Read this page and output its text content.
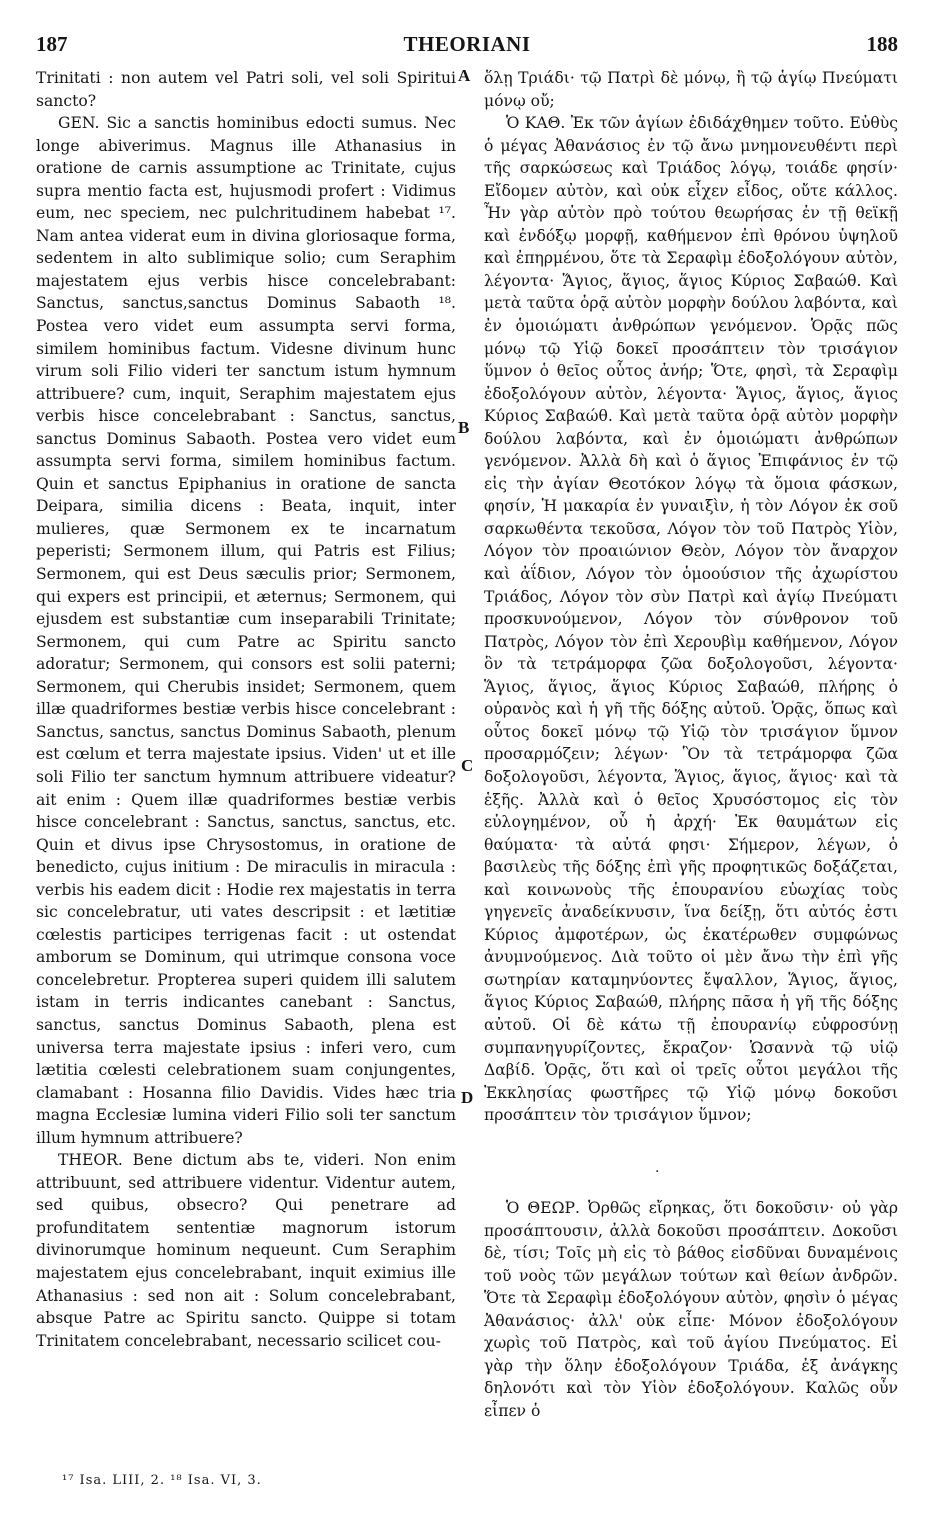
187	THEORIANI	188

Trinitati : non autem vel Patri soli, vel soli Spiritui sancto?

GEN. Sic a sanctis hominibus edocti sumus. Nec longe abiverimus. Magnus ille Athanasius in oratione de carnis assumptione ac Trinitate, cujus supra mentio facta est, hujusmodi profert : Vidimus eum, nec speciem, nec pulchritudinem habebat ¹⁷. Nam antea viderat eum in divina gloriosaque forma, sedentem in alto sublimique solio; cum Seraphim majestatem ejus verbis hisce concelebrabant: Sanctus, sanctus,sanctus Dominus Sabaoth ¹⁸. Postea vero videt eum assumpta servi forma, similem hominibus factum. Videsne divinum hunc virum soli Filio videri ter sanctum istum hymnum attribuere? cum, inquit, Seraphim majestatem ejus verbis hisce concelebrabant : Sanctus, sanctus, sanctus Dominus Sabaoth. Postea vero videt eum assumpta servi forma, similem hominibus factum. Quin et sanctus Epiphanius in oratione de sancta Deipara, similia dicens : Beata, inquit, inter mulieres, quæ Sermonem ex te incarnatum peperisti; Sermonem illum, qui Patris est Filius; Sermonem, qui est Deus sæculis prior; Sermonem, qui expers est principii, et æternus; Sermonem, qui ejusdem est substantiæ cum inseparabili Trinitate; Sermonem, qui cum Patre ac Spiritu sancto adoratur; Sermonem, qui consors est solii paterni; Sermonem, qui Cherubis insidet; Sermonem, quem illæ quadriformes bestiæ verbis hisce concelebrant : Sanctus, sanctus, sanctus Dominus Sabaoth, plenum est cœlum et terra majestate ipsius. Viden' ut et ille soli Filio ter sanctum hymnum attribuere videatur? ait enim : Quem illæ quadriformes bestiæ verbis hisce concelebrant : Sanctus, sanctus, sanctus, etc. Quin et divus ipse Chrysostomus, in oratione de benedicto, cujus initium : De miraculis in miracula : verbis his eadem dicit : Hodie rex majestatis in terra sic concelebratur, uti vates descripsit : et lætitiæ cœlestis participes terrigenas facit : ut ostendat amborum se Dominum, qui utrimque consona voce concelebretur. Propterea superi quidem illi salutem istam in terris indicantes canebant : Sanctus, sanctus, sanctus Dominus Sabaoth, plena est universa terra majestate ipsius : inferi vero, cum lætitia cœlesti celebrationem suam conjungentes, clamabant : Hosanna filio Davidis. Vides hæc tria magna Ecclesiæ lumina videri Filio soli ter sanctum illum hymnum attribuere?

THEOR. Bene dictum abs te, videri. Non enim attribuunt, sed attribuere videntur. Videntur autem, sed quibus, obsecro? Qui penetrare ad profunditatem sententiæ magnorum istorum divinorumque hominum nequeunt. Cum Seraphim majestatem ejus concelebrabant, inquit eximius ille Athanasius : sed non ait : Solum concelebrabant, absque Patre ac Spiritu sancto. Quippe si totam Trinitatem concelebrabant, necessario scilicet cou-

A
B
C
D

ὅλῃ Τριάδι· τῷ Πατρὶ δὲ μόνῳ, ἢ τῷ ἁγίῳ Πνεύματι μόνῳ οὔ;

Ὁ ΚΑΘ. Ἐκ τῶν ἁγίων ἐδιδάχθημεν τοῦτο. Εὐθὺς ὁ μέγας Ἀθανάσιος ἐν τῷ ἄνω μνημονευθέντι περὶ τῆς σαρκώσεως καὶ Τριάδος λόγῳ, τοιάδε φησίν· Εἴδομεν αὐτὸν, καὶ οὐκ εἶχεν εἶδος, οὔτε κάλλος. Ἦν γὰρ αὐτὸν πρὸ τούτου θεωρήσας ἐν τῇ θεϊκῇ καὶ ἐνδόξῳ μορφῇ, καθήμενον ἐπὶ θρόνου ὑψηλοῦ καὶ ἐπηρμένου, ὅτε τὰ Σεραφὶμ ἐδοξολόγουν αὐτὸν, λέγοντα· Ἅγιος, ἅγιος, ἅγιος Κύριος Σαβαώθ. Καὶ μετὰ ταῦτα ὁρᾷ αὐτὸν μορφὴν δούλου λαβόντα, καὶ ἐν ὁμοιώματι ἀνθρώπων γενόμενον. Ὁρᾷς πῶς μόνῳ τῷ Υἱῷ δοκεῖ προσάπτειν τὸν τρισάγιον ὕμνον ὁ θεῖος οὗτος ἀνήρ; Ὅτε, φησὶ, τὰ Σεραφὶμ ἐδοξολόγουν αὐτὸν, λέγοντα· Ἅγιος, ἅγιος, ἅγιος Κύριος Σαβαώθ. Καὶ μετὰ ταῦτα ὁρᾷ αὐτὸν μορφὴν δούλου λαβόντα, καὶ ἐν ὁμοιώματι ἀνθρώπων γενόμενον. Ἀλλὰ δὴ καὶ ὁ ἅγιος Ἐπιφάνιος ἐν τῷ εἰς τὴν ἁγίαν Θεοτόκον λόγῳ τὰ ὅμοια φάσκων, φησίν, Ἡ μακαρία ἐν γυναιξὶν, ἡ τὸν Λόγον ἐκ σοῦ σαρκωθέντα τεκοῦσα, Λόγον τὸν τοῦ Πατρὸς Υἱὸν, Λόγον τὸν προαιώνιον Θεὸν, Λόγον τὸν ἄναρχον καὶ ἀΐδιον, Λόγον τὸν ὁμοούσιον τῆς ἀχωρίστου Τριάδος, Λόγον τὸν σὺν Πατρὶ καὶ ἁγίῳ Πνεύματι προσκυνούμενον, Λόγον τὸν σύνθρονον τοῦ Πατρὸς, Λόγον τὸν ἐπὶ Χερουβὶμ καθήμενον, Λόγον ὃν τὰ τετράμορφα ζῶα δοξολογοῦσι, λέγοντα· Ἅγιος, ἅγιος, ἅγιος Κύριος Σαβαώθ, πλήρης ὁ οὐρανὸς καὶ ἡ γῆ τῆς δόξης αὐτοῦ. Ὁρᾷς, ὅπως καὶ οὗτος δοκεῖ μόνῳ τῷ Υἱῷ τὸν τρισάγιον ὕμνον προσαρμόζειν; λέγων· Ὃν τὰ τετράμορφα ζῶα δοξολογοῦσι, λέγοντα, Ἅγιος, ἅγιος, ἅγιος· καὶ τὰ ἑξῆς. Ἀλλὰ καὶ ὁ θεῖος Χρυσόστομος εἰς τὸν εὐλογημένον, οὗ ἡ ἀρχή· Ἐκ θαυμάτων εἰς θαύματα· τὰ αὐτά φησι· Σήμερον, λέγων, ὁ βασιλεὺς τῆς δόξης ἐπὶ γῆς προφητικῶς δοξάζεται, καὶ κοινωνοὺς τῆς ἐπουρανίου εὐωχίας τοὺς γηγενεῖς ἀναδείκνυσιν, ἵνα δείξῃ, ὅτι αὐτός ἐστι Κύριος ἀμφοτέρων, ὡς ἑκατέρωθεν συμφώνως ἀνυμνούμενος. Διὰ τοῦτο οἱ μὲν ἄνω τὴν ἐπὶ γῆς σωτηρίαν καταμηνύοντες ἔψαλλον, Ἅγιος, ἅγιος, ἅγιος Κύριος Σαβαώθ, πλήρης πᾶσα ἡ γῆ τῆς δόξης αὐτοῦ. Οἱ δὲ κάτω τῇ ἐπουρανίῳ εὐφροσύνῃ συμπανηγυρίζοντες, ἔκραζον· Ὡσαννὰ τῷ υἱῷ Δαβίδ. Ὁρᾷς, ὅτι καὶ οἱ τρεῖς οὗτοι μεγάλοι τῆς Ἐκκλησίας φωστῆρες τῷ Υἱῷ μόνῳ δοκοῦσι προσάπτειν τὸν τρισάγιον ὕμνον;

·

Ὁ ΘΕΩΡ. Ὀρθῶς εἴρηκας, ὅτι δοκοῦσιν· οὐ γὰρ προσάπτουσιν, ἀλλὰ δοκοῦσι προσάπτειν. Δοκοῦσι δὲ, τίσι; Τοῖς μὴ εἰς τὸ βάθος εἰσδῦναι δυναμένοις τοῦ νοὸς τῶν μεγάλων τούτων καὶ θείων ἀνδρῶν. Ὅτε τὰ Σεραφὶμ ἐδοξολόγουν αὐτὸν, φησὶν ὁ μέγας Ἀθανάσιος· ἀλλ' οὐκ εἶπε· Μόνον ἐδοξολόγουν χωρὶς τοῦ Πατρὸς, καὶ τοῦ ἁγίου Πνεύματος. Εἰ γὰρ τὴν ὅλην ἐδοξολόγουν Τριάδα, ἐξ ἀνάγκης δηλονότι καὶ τὸν Υἱὸν ἐδοξολόγουν. Καλῶς οὖν εἶπεν ὁ

¹⁷ Isa. LIII, 2. ¹⁸ Isa. VI, 3.
